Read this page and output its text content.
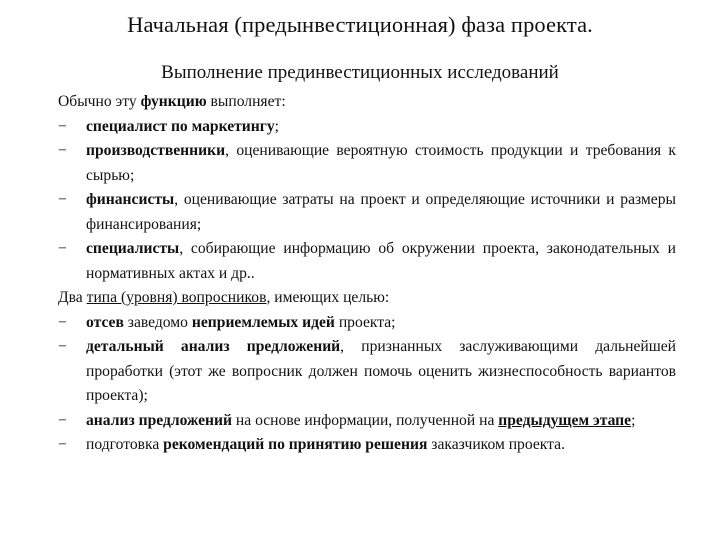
Начальная (предынвестиционная) фаза проекта.
Выполнение прединвестиционных исследований
Обычно эту функцию выполняет:
− специалист по маркетингу;
− производственники, оценивающие вероятную стоимость продукции и требования к сырью;
− финансисты, оценивающие затраты на проект и определяющие источники и размеры финансирования;
− специалисты, собирающие информацию об окружении проекта, законодательных и нормативных актах и др..
Два типа (уровня) вопросников, имеющих целью:
− отсев заведомо неприемлемых идей проекта;
− детальный анализ предложений, признанных заслуживающими дальнейшей проработки (этот же вопросник должен помочь оценить жизнеспособность вариантов проекта);
− анализ предложений на основе информации, полученной на предыдущем этапе;
− подготовка рекомендаций по принятию решения заказчиком проекта.
